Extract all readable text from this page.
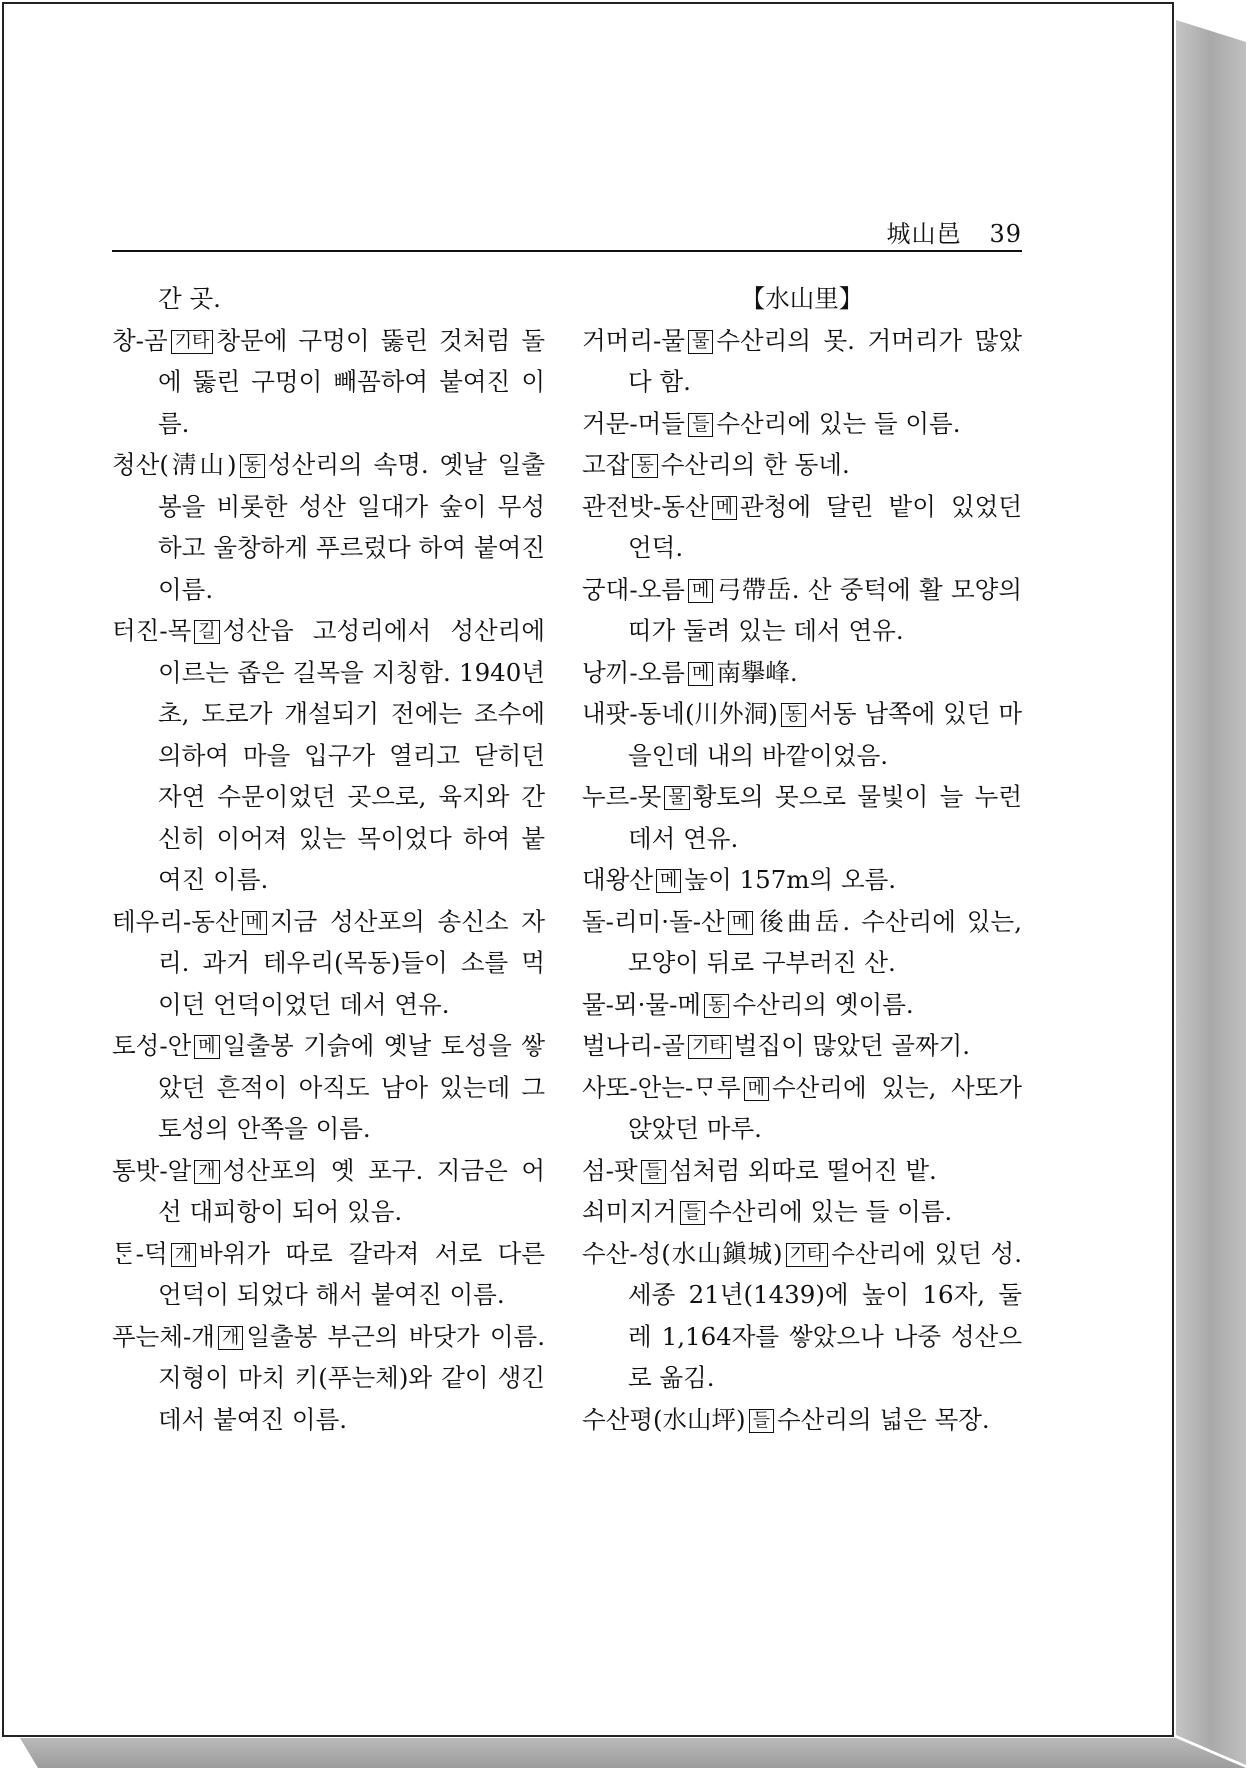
城山邑 39
간 곳.
창-곰 기타 창문에 구멍이 뚫린 것처럼 돌에 뚫린 구멍이 빼꼼하여 붙여진 이름.
청산(淸山) 동 성산리의 속명. 옛날 일출봉을 비롯한 성산 일대가 숲이 무성하고 울창하게 푸르렀다 하여 붙여진 이름.
터진-목 길 성산읍 고성리에서 성산리에 이르는 좁은 길목을 지칭함. 1940년 초, 도로가 개설되기 전에는 조수에 의하여 마을 입구가 열리고 닫히던 자연 수문이었던 곳으로, 육지와 간신히 이어져 있는 목이었다 하여 붙여진 이름.
테우리-동산 메 지금 성산포의 송신소 자리. 과거 테우리(목동)들이 소를 먹이던 언덕이었던 데서 연유.
토성-안 메 일출봉 기슭에 옛날 토성을 쌓았던 흔적이 아직도 남아 있는데 그 토성의 안쪽을 이름.
통밧-알 개 성산포의 옛 포구. 지금은 어선 대피항이 되어 있음.
ᄐᆞᆫ-덕 개 바위가 따로 갈라져 서로 다른 언덕이 되었다 해서 붙여진 이름.
푸는체-개 개 일출봉 부근의 바닷가 이름. 지형이 마치 키(푸는체)와 같이 생긴 데서 붙여진 이름.
【水山里】
거머리-물 물 수산리의 못. 거머리가 많았다 함.
거문-머들 들 수산리에 있는 들 이름.
고잡 동 수산리의 한 동네.
관전밧-동산 메 관청에 달린 밭이 있었던 언덕.
궁대-오름 메 弓帶岳. 산 중턱에 활 모양의 띠가 둘려 있는 데서 연유.
낭끼-오름 메 南擧峰.
내팟-동네(川外洞) 동 서동 남쪽에 있던 마을인데 내의 바깥이었음.
누르-못 물 황토의 못으로 물빛이 늘 누런 데서 연유.
대왕산 메 높이 157m의 오름.
돌-리미·돌-산 메 後曲岳. 수산리에 있는, 모양이 뒤로 구부러진 산.
물-뫼·물-메 동 수산리의 옛이름.
벌나리-골 기타 벌집이 많았던 골짜기.
사또-안는-ᄆᆞ루 메 수산리에 있는, 사또가 앉았던 마루.
섬-팟 들 섬처럼 외따로 떨어진 밭.
쇠미지거 들 수산리에 있는 들 이름.
수산-성(水山鎭城) 기타 수산리에 있던 성. 세종 21년(1439)에 높이 16자, 둘레 1,164자를 쌓았으나 나중 성산으로 옮김.
수산평(水山坪) 들 수산리의 넓은 목장.
